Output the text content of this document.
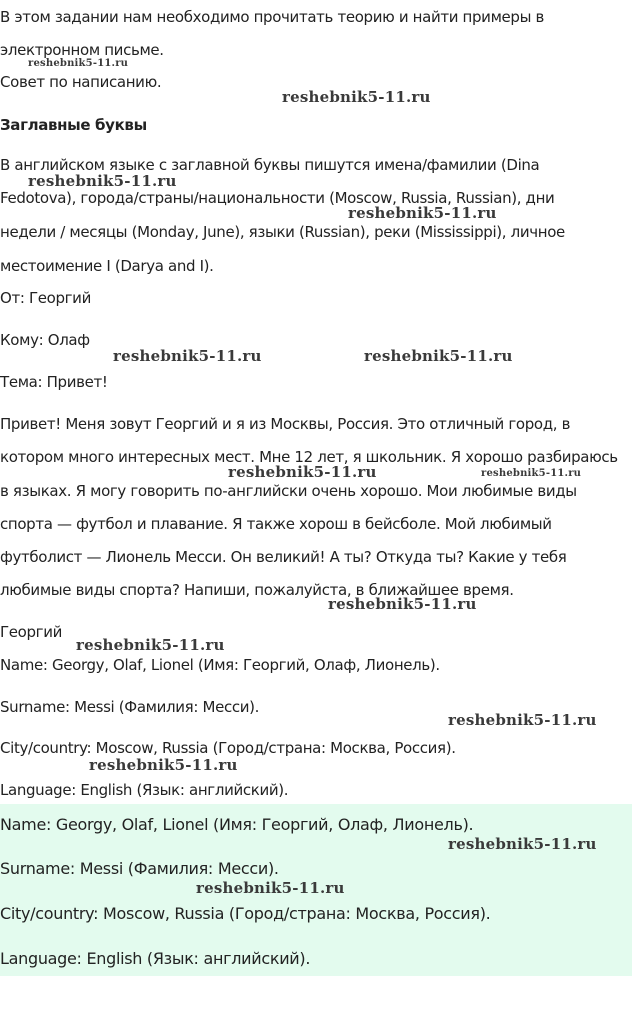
В этом задании нам необходимо прочитать теорию и найти примеры в
электронном письме.
Совет по написанию.
Заглавные буквы
В английском языке с заглавной буквы пишутся имена/фамилии (Dina
Fedotova), города/страны/национальности (Moscow, Russia, Russian), дни
недели / месяцы (Monday, June), языки (Russian), реки (Mississippi), личное
местоимение I (Darya and I).
От: Георгий
Кому: Олаф
Тема: Привет!
Привет! Меня зовут Георгий и я из Москвы, Россия. Это отличный город, в
котором много интересных мест. Мне 12 лет, я школьник. Я хорошо разбираюсь
в языках. Я могу говорить по-английски очень хорошо. Мои любимые виды
спорта — футбол и плавание. Я также хорош в бейсболе. Мой любимый
футболист — Лионель Месси. Он великий! А ты? Откуда ты? Какие у тебя
любимые виды спорта? Напиши, пожалуйста, в ближайшее время.
Георгий
Name: Georgy, Olaf, Lionel (Имя: Георгий, Олаф, Лионель).
Surname: Messi (Фамилия: Месси).
City/country: Moscow, Russia (Город/страна: Москва, Россия).
Language: English (Язык: английский).
Name: Georgy, Olaf, Lionel (Имя: Георгий, Олаф, Лионель).
Surname: Messi (Фамилия: Месси).
City/country: Moscow, Russia (Город/страна: Москва, Россия).
Language: English (Язык: английский).
reshebnik5-11.ru
reshebnik5-11.ru
reshebnik5-11.ru
reshebnik5-11.ru
reshebnik5-11.ru	reshebnik5-11.ru
reshebnik5-11.ru	reshebnik5-11.ru
reshebnik5-11.ru
reshebnik5-11.ru
reshebnik5-11.ru
reshebnik5-11.ru
reshebnik5-11.ru
reshebnik5-11.ru
